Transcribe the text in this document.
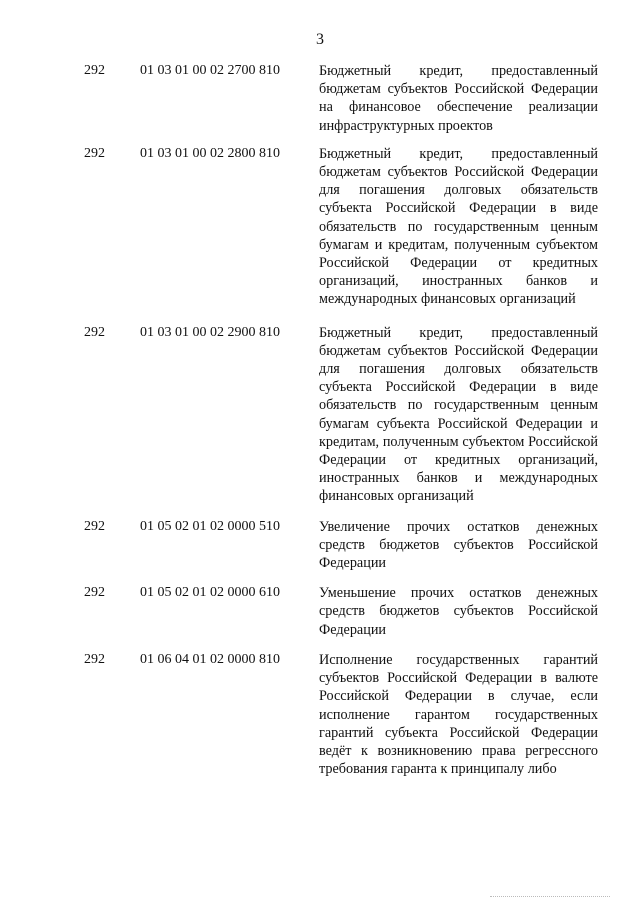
3
292	01 03 01 00 02 2700 810	Бюджетный кредит, предоставленный бюджетам субъектов Российской Федерации на финансовое обеспечение реализации инфраструктурных проектов
292	01 03 01 00 02 2800 810	Бюджетный кредит, предоставленный бюджетам субъектов Российской Федерации для погашения долговых обязательств субъекта Российской Федерации в виде обязательств по государственным ценным бумагам и кредитам, полученным субъектом Российской Федерации от кредитных организаций, иностранных банков и международных финансовых организаций
292	01 03 01 00 02 2900 810	Бюджетный кредит, предоставленный бюджетам субъектов Российской Федерации для погашения долговых обязательств субъекта Российской Федерации в виде обязательств по государственным ценным бумагам субъекта Российской Федерации и кредитам, полученным субъектом Российской Федерации от кредитных организаций, иностранных банков и международных финансовых организаций
292	01 05 02 01 02 0000 510	Увеличение прочих остатков денежных средств бюджетов субъектов Российской Федерации
292	01 05 02 01 02 0000 610	Уменьшение прочих остатков денежных средств бюджетов субъектов Российской Федерации
292	01 06 04 01 02 0000 810	Исполнение государственных гарантий субъектов Российской Федерации в валюте Российской Федерации в случае, если исполнение гарантом государственных гарантий субъекта Российской Федерации ведёт к возникновению права регрессного требования гаранта к принципалу либо
